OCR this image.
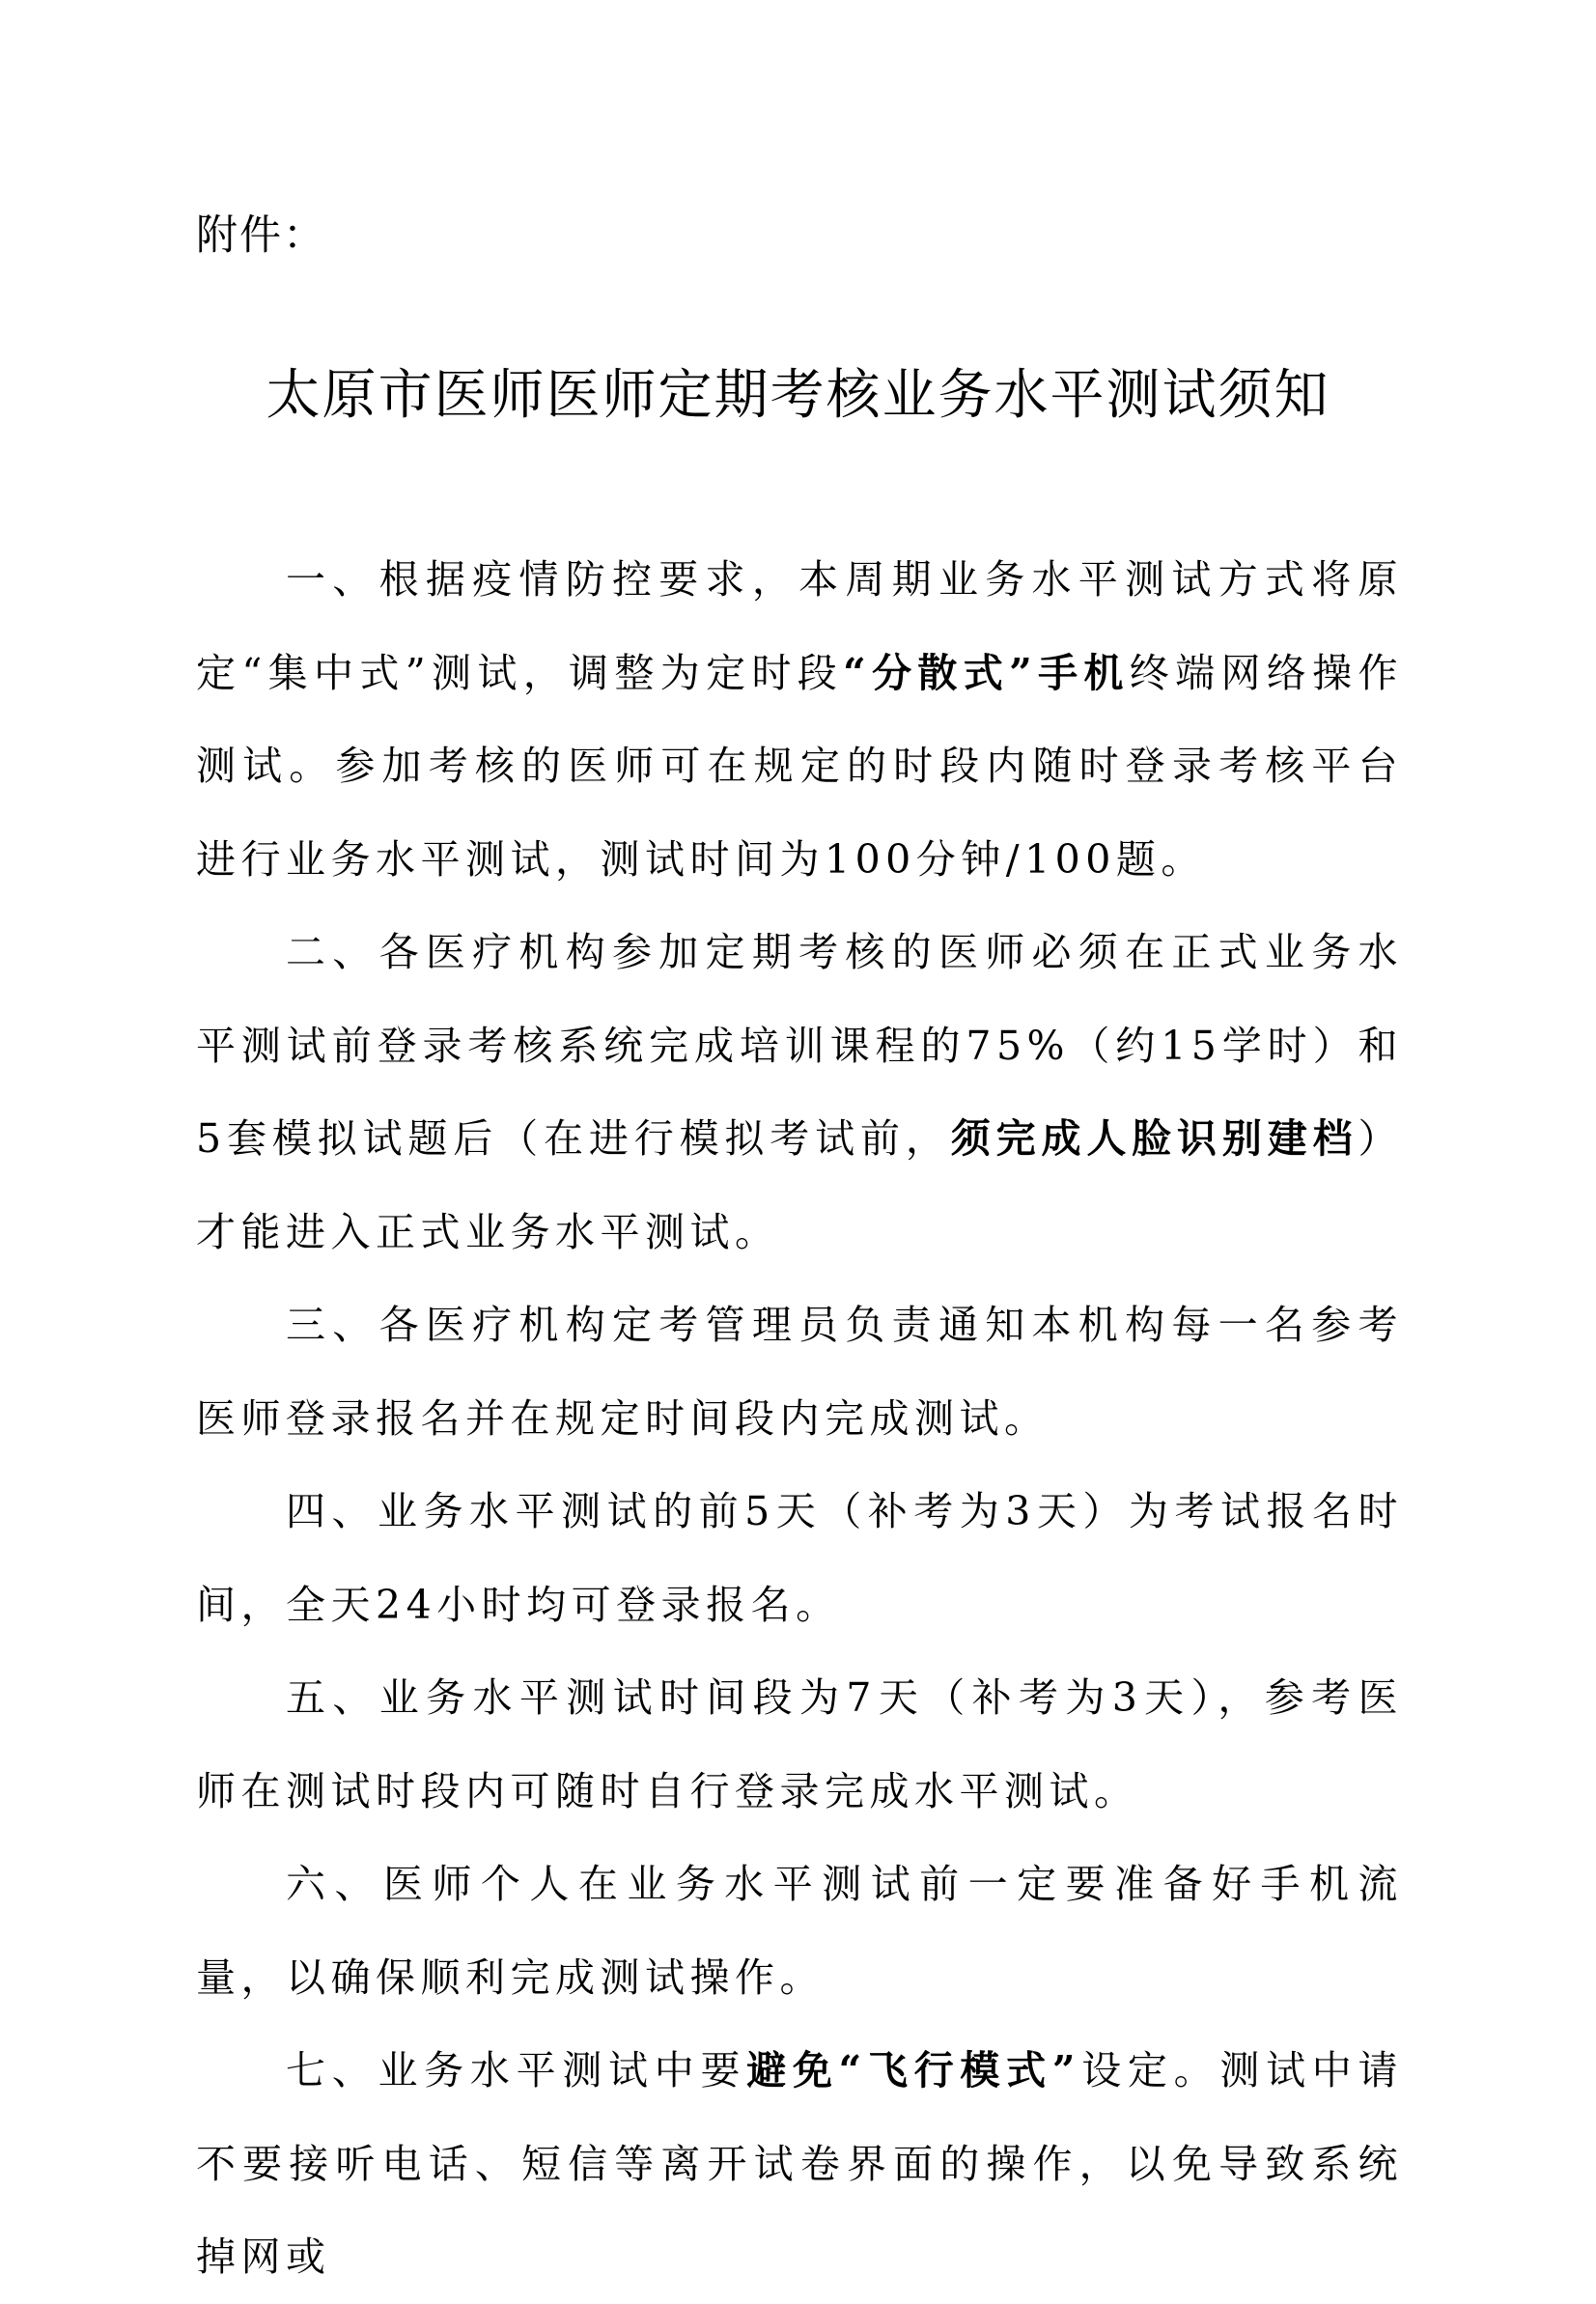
附件：
太原市医师医师定期考核业务水平测试须知

一、根据疫情防控要求，本周期业务水平测试方式将原定“集中式”测试，调整为定时段“分散式”手机终端网络操作测试。参加考核的医师可在规定的时段内随时登录考核平台进行业务水平测试，测试时间为100分钟/100题。

二、各医疗机构参加定期考核的医师必须在正式业务水平测试前登录考核系统完成培训课程的75%（约15学时）和5套模拟试题后（在进行模拟考试前，须完成人脸识别建档）才能进入正式业务水平测试。

三、各医疗机构定考管理员负责通知本机构每一名参考医师登录报名并在规定时间段内完成测试。

四、业务水平测试的前5天（补考为3天）为考试报名时间，全天24小时均可登录报名。

五、业务水平测试时间段为7天（补考为3天），参考医师在测试时段内可随时自行登录完成水平测试。

六、医师个人在业务水平测试前一定要准备好手机流量，以确保顺利完成测试操作。

七、业务水平测试中要避免“飞行模式”设定。测试中请不要接听电话、短信等离开试卷界面的操作，以免导致系统掉网或
